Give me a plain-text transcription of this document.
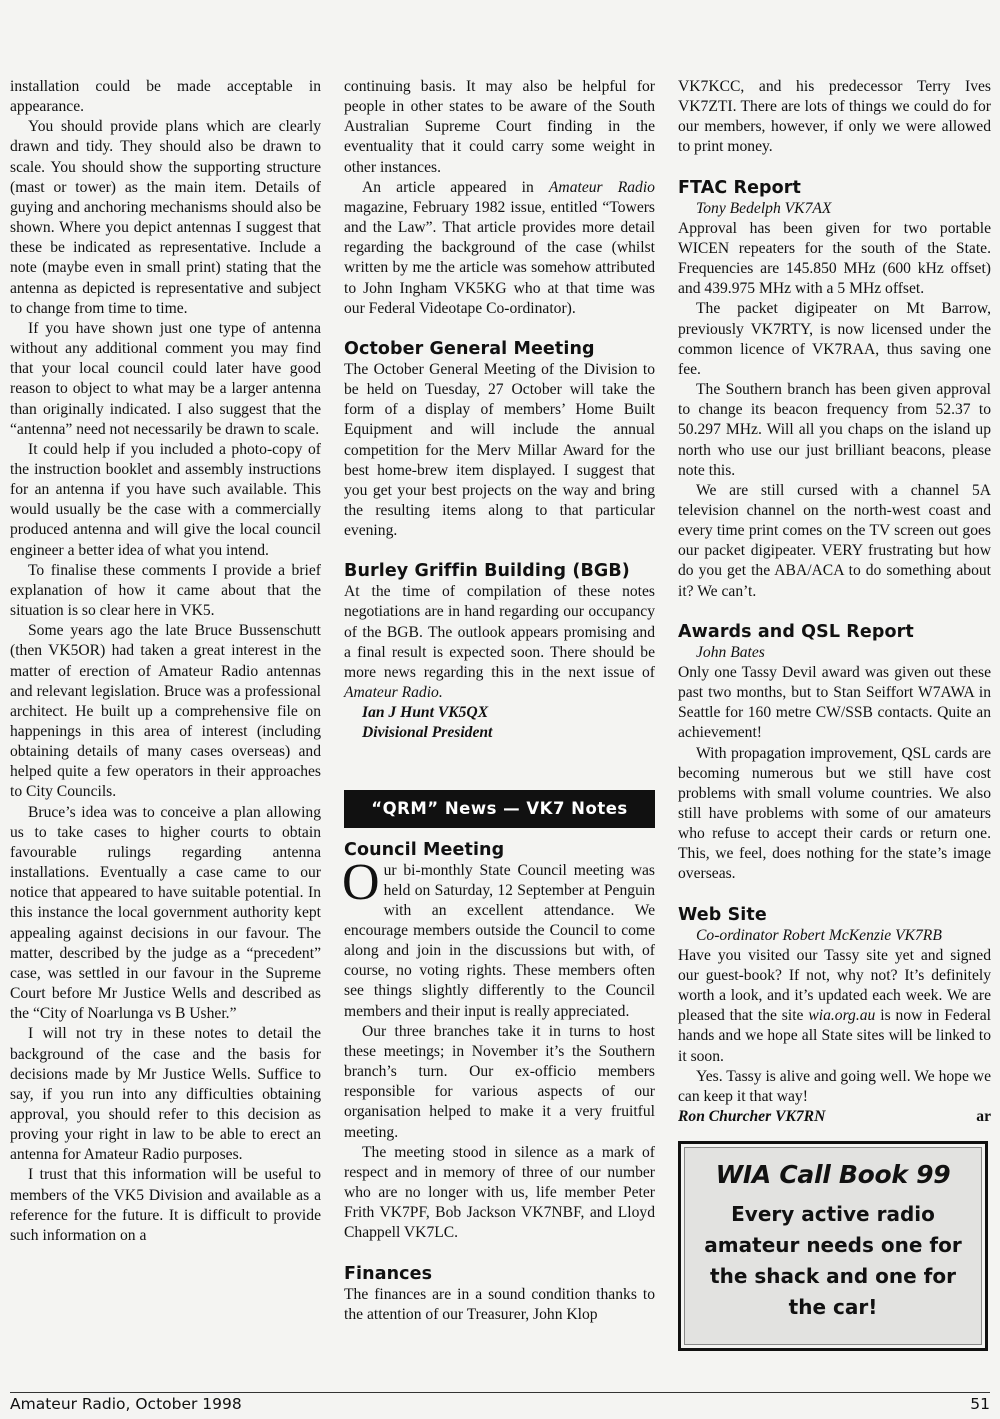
installation could be made acceptable in appearance.

You should provide plans which are clearly drawn and tidy. They should also be drawn to scale. You should show the supporting structure (mast or tower) as the main item. Details of guying and anchoring mechanisms should also be shown. Where you depict antennas I suggest that these be indicated as representative. Include a note (maybe even in small print) stating that the antenna as depicted is representative and subject to change from time to time.

If you have shown just one type of antenna without any additional comment you may find that your local council could later have good reason to object to what may be a larger antenna than originally indicated. I also suggest that the “antenna” need not necessarily be drawn to scale.

It could help if you included a photo-copy of the instruction booklet and assembly instructions for an antenna if you have such available. This would usually be the case with a commercially produced antenna and will give the local council engineer a better idea of what you intend.

To finalise these comments I provide a brief explanation of how it came about that the situation is so clear here in VK5.

Some years ago the late Bruce Bussenschutt (then VK5OR) had taken a great interest in the matter of erection of Amateur Radio antennas and relevant legislation. Bruce was a professional architect. He built up a comprehensive file on happenings in this area of interest (including obtaining details of many cases overseas) and helped quite a few operators in their approaches to City Councils.

Bruce’s idea was to conceive a plan allowing us to take cases to higher courts to obtain favourable rulings regarding antenna installations. Eventually a case came to our notice that appeared to have suitable potential. In this instance the local government authority kept appealing against decisions in our favour. The matter, described by the judge as a “precedent” case, was settled in our favour in the Supreme Court before Mr Justice Wells and described as the “City of Noarlunga vs B Usher.”

I will not try in these notes to detail the background of the case and the basis for decisions made by Mr Justice Wells. Suffice to say, if you run into any difficulties obtaining approval, you should refer to this decision as proving your right in law to be able to erect an antenna for Amateur Radio purposes.

I trust that this information will be useful to members of the VK5 Division and available as a reference for the future. It is difficult to provide such information on a

continuing basis. It may also be helpful for people in other states to be aware of the South Australian Supreme Court finding in the eventuality that it could carry some weight in other instances.

An article appeared in Amateur Radio magazine, February 1982 issue, entitled “Towers and the Law”. That article provides more detail regarding the background of the case (whilst written by me the article was somehow attributed to John Ingham VK5KG who at that time was our Federal Videotape Co-ordinator).

October General Meeting

The October General Meeting of the Division to be held on Tuesday, 27 October will take the form of a display of members’ Home Built Equipment and will include the annual competition for the Merv Millar Award for the best home-brew item displayed. I suggest that you get your best projects on the way and bring the resulting items along to that particular evening.

Burley Griffin Building (BGB)

At the time of compilation of these notes negotiations are in hand regarding our occupancy of the BGB. The outlook appears promising and a final result is expected soon. There should be more news regarding this in the next issue of Amateur Radio.

Ian J Hunt VK5QX

Divisional President

“QRM” News — VK7 Notes
Council Meeting

Our bi-monthly State Council meeting was held on Saturday, 12 September at Penguin with an excellent attendance. We encourage members outside the Council to come along and join in the discussions but with, of course, no voting rights. These members often see things slightly differently to the Council members and their input is really appreciated.

Our three branches take it in turns to host these meetings; in November it’s the Southern branch’s turn. Our ex-officio members responsible for various aspects of our organisation helped to make it a very fruitful meeting.

The meeting stood in silence as a mark of respect and in memory of three of our number who are no longer with us, life member Peter Frith VK7PF, Bob Jackson VK7NBF, and Lloyd Chappell VK7LC.

Finances

The finances are in a sound condition thanks to the attention of our Treasurer, John Klop

VK7KCC, and his predecessor Terry Ives VK7ZTI. There are lots of things we could do for our members, however, if only we were allowed to print money.

FTAC Report

Tony Bedelph VK7AX

Approval has been given for two portable WICEN repeaters for the south of the State. Frequencies are 145.850 MHz (600 kHz offset) and 439.975 MHz with a 5 MHz offset.

The packet digipeater on Mt Barrow, previously VK7RTY, is now licensed under the common licence of VK7RAA, thus saving one fee.

The Southern branch has been given approval to change its beacon frequency from 52.37 to 50.297 MHz. Will all you chaps on the island up north who use our just brilliant beacons, please note this.

We are still cursed with a channel 5A television channel on the north-west coast and every time print comes on the TV screen out goes our packet digipeater. VERY frustrating but how do you get the ABA/ACA to do something about it? We can’t.

Awards and QSL Report

John Bates

Only one Tassy Devil award was given out these past two months, but to Stan Seiffort W7AWA in Seattle for 160 metre CW/SSB contacts. Quite an achievement!

With propagation improvement, QSL cards are becoming numerous but we still have cost problems with small volume countries. We also still have problems with some of our amateurs who refuse to accept their cards or return one. This, we feel, does nothing for the state’s image overseas.

Web Site

Co-ordinator Robert McKenzie VK7RB

Have you visited our Tassy site yet and signed our guest-book? If not, why not? It’s definitely worth a look, and it’s updated each week. We are pleased that the site wia.org.au is now in Federal hands and we hope all State sites will be linked to it soon.

Yes. Tassy is alive and going well. We hope we can keep it that way!

Ron Churcher VK7RN	ar
WIA Call Book 99
Every active radio
amateur needs one for
the shack and one for
the car!
Amateur Radio, October 1998	51
